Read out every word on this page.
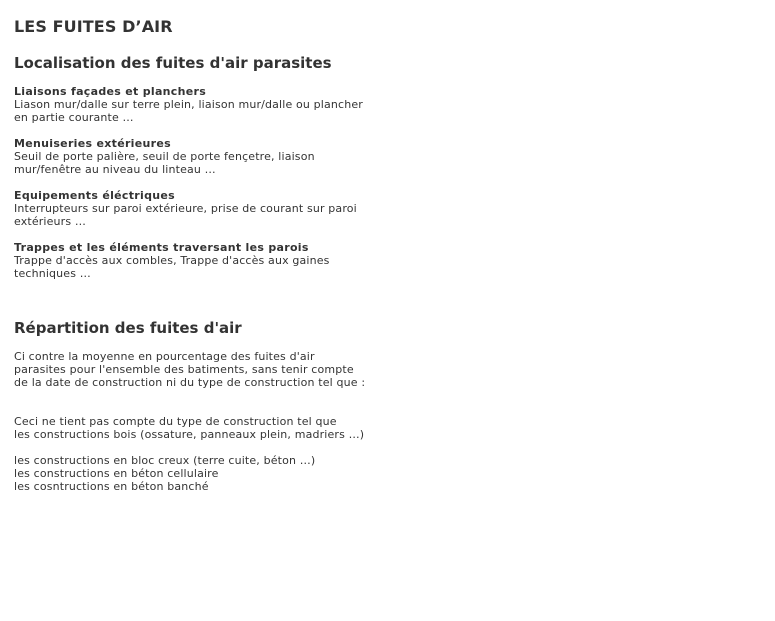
LES FUITES D’AIR
Localisation des fuites d'air parasites
Liaisons façades et planchers
Liason mur/dalle sur terre plein, liaison mur/dalle ou plancher
en partie courante …
Menuiseries extérieures
Seuil de porte palière, seuil de porte fençetre, liaison
mur/fenêtre au niveau du linteau …
Equipements éléctriques
Interrupteurs sur paroi extérieure, prise de courant sur paroi
extérieurs …
Trappes et les éléments traversant les parois
Trappe d'accès aux combles, Trappe d'accès aux gaines
techniques …
Répartition des fuites d'air
Ci contre la moyenne en pourcentage des fuites d'air
parasites pour l'ensemble des batiments, sans tenir compte
de la date de construction ni du type de construction tel que :
Ceci ne tient pas compte du type de construction tel que
les constructions bois (ossature, panneaux plein, madriers …)
les constructions en bloc creux (terre cuite, béton …)
les constructions en béton cellulaire
les cosntructions en béton banché
